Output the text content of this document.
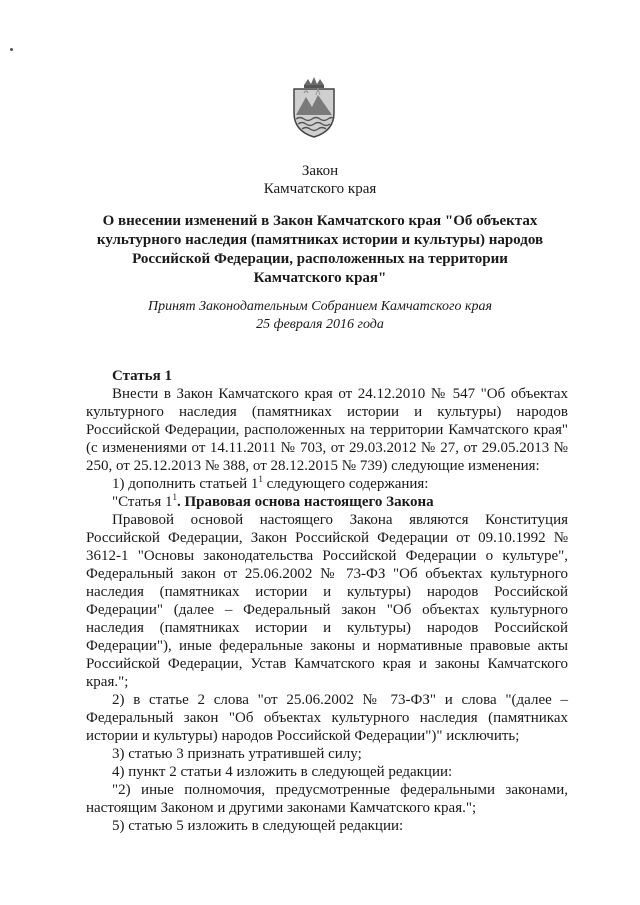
Закон
Камчатского края
О внесении изменений в Закон Камчатского края "Об объектах
культурного наследия (памятниках истории и культуры) народов
Российской Федерации, расположенных на территории
Камчатского края"
Принят Законодательным Собранием Камчатского края
25 февраля 2016 года

Статья 1

Внести в Закон Камчатского края от 24.12.2010 № 547 "Об объектах культурного наследия (памятниках истории и культуры) народов Российской Федерации, расположенных на территории Камчатского края" (с изменениями от 14.11.2011 № 703, от 29.03.2012 № 27, от 29.05.2013 № 250, от 25.12.2013 № 388, от 28.12.2015 № 739) следующие изменения:

1) дополнить статьей $1^1$ следующего содержания:

"Статья $1^1$. Правовая основа настоящего Закона

Правовой основой настоящего Закона являются Конституция Российской Федерации, Закон Российской Федерации от 09.10.1992 № 3612-1 "Основы законодательства Российской Федерации о культуре", Федеральный закон от 25.06.2002 № 73-ФЗ "Об объектах культурного наследия (памятниках истории и культуры) народов Российской Федерации" (далее – Федеральный закон "Об объектах культурного наследия (памятниках истории и культуры) народов Российской Федерации"), иные федеральные законы и нормативные правовые акты Российской Федерации, Устав Камчатского края и законы Камчатского края.";

2) в статье 2 слова "от 25.06.2002 № 73-ФЗ" и слова "(далее – Федеральный закон "Об объектах культурного наследия (памятниках истории и культуры) народов Российской Федерации")" исключить;

3) статью 3 признать утратившей силу;

4) пункт 2 статьи 4 изложить в следующей редакции:

"2) иные полномочия, предусмотренные федеральными законами, настоящим Законом и другими законами Камчатского края.";

5) статью 5 изложить в следующей редакции:
